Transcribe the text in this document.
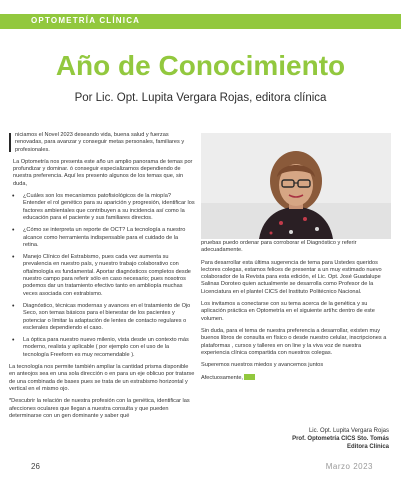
OPTOMETRÍA CLÍNICA
Año de Conocimiento

Por Lic. Opt. Lupita Vergara Rojas, editora clínica

niciamos el Novel 2023 deseando vida, buena salud y fuerzas renovadas, para avanzar y conseguir metas personales, familiares y profesionales.

La Optometría nos presenta este año un amplio panorama de temas por profundizar y dominar. ó conseguir especializarnos dependiendo de nuestra preferencia. Aquí les presento algunos de los temas que, sin duda,

• ¿Cuáles son los mecanismos patofisiológicos de la miopía? Entender el rol genético para su aparición y progresión, identificar los factores ambientales que contribuyen a su incidencia así como la educación para el paciente y sus familiares directos.
• ¿Cómo se interpreta un reporte de OCT? La tecnología a nuestro alcance como herramienta indispensable para el cuidado de la retina.
• Manejo Clínico del Estrabismo, pues cada vez aumenta su prevalencia en nuestro país, y nuestro trabajo colaborativo con oftalmología es fundamental. Aportar diagnósticos completos desde nuestro campo para referir sólo en caso necesario; pues nosotros podemos dar un tratamiento efectivo tanto en ambliopía muchas veces asociada con estrabismo.
• Diagnóstico, técnicas modernas y avances en el tratamiento de Ojo Seco, son temas básicos para el bienestar de los pacientes y potenciar o limitar la adaptación de lentes de contacto regulares o esclerales dependiendo el caso.
• La óptica para nuestro nuevo milenio, vista desde un contexto más moderno, realista y aplicable ( por ejemplo con el uso de la tecnología Freeform es muy recomendable ).

La tecnología nos permite también ampliar la cantidad prisma disponible en anteojos sea en una sola dirección o en para un eje oblicuo por tratarse de una combinada de bases pues se trata de un estrabismo horizontal y vertical en el mismo ojo.

*Descubrir la relación de nuestra profesión con la genética, identificar las afecciones oculares que llegan a nuestra consulta y que pueden determinarse con un gen dominante y saber qué

pruebas puedo ordenar para corroborar el Diagnóstico y referir adecuadamente.

Para desarrollar esta última sugerencia de tema para Ustedes queridos lectores colegas, estamos felices de presentar a un muy estimado nuevo colaborador de la Revista para esta edición, el Lic. Opt. José Guadalupe Salinas Doroteo quien actualmente se desarrolla como Profesor de la Licenciatura en el plantel CICS del Instituto Politécnico Nacional.

Los invitamos a conectarse con su tema acerca de la genética y su aplicación práctica en Optometría en el siguiente artíhc dentro de este volumen.

Sin duda, para el tema de nuestra preferencia a desarrollar, existen muy buenos libros de consulta en físico o desde nuestro celular, inscripciones a plataformas , cursos y talleres en on line y la viva voz de nuestra experiencia clínica compartida con nuestros colegas.

Superemos nuestros miedos y avancemos juntos

Afectuosamente,

Lic. Opt. Lupita Vergara Rojas
Prof. Optometría CICS Sto. Tomás
Editora Clínica
26	Marzo 2023
